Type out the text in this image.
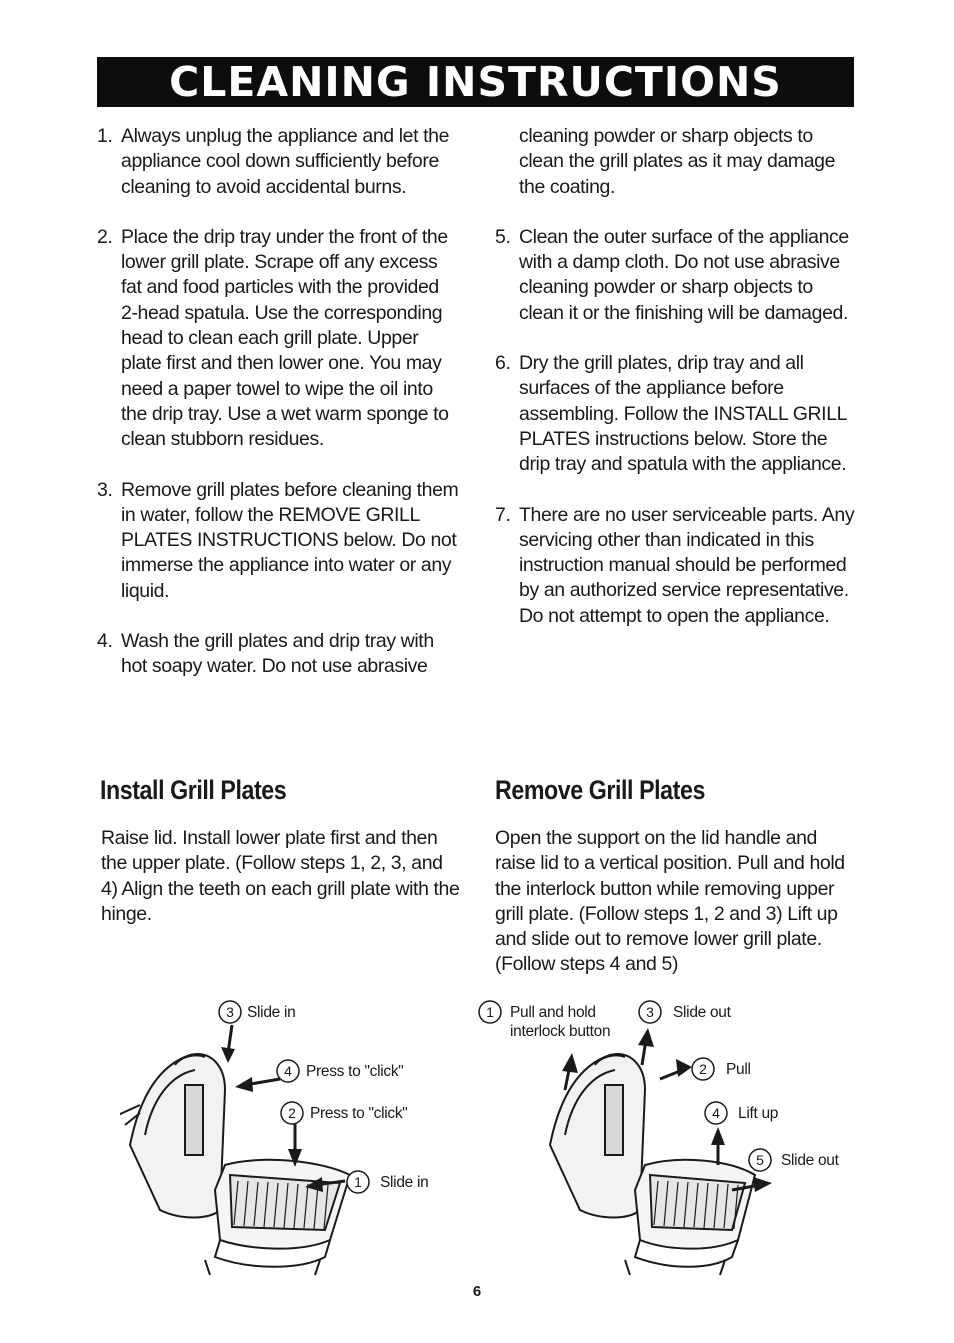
CLEANING INSTRUCTIONS
1. Always unplug the appliance and let the appliance cool down sufficiently before cleaning to avoid accidental burns.
2. Place the drip tray under the front of the lower grill plate. Scrape off any excess fat and food particles with the provided 2-head spatula. Use the corresponding head to clean each grill plate. Upper plate first and then lower one. You may need a paper towel to wipe the oil into the drip tray. Use a wet warm sponge to clean stubborn residues.
3. Remove grill plates before cleaning them in water, follow the REMOVE GRILL PLATES INSTRUCTIONS below. Do not immerse the appliance into water or any liquid.
4. Wash the grill plates and drip tray with hot soapy water. Do not use abrasive
cleaning powder or sharp objects to clean the grill plates as it may damage the coating.
5. Clean the outer surface of the appliance with a damp cloth. Do not use abrasive cleaning powder or sharp objects to clean it or the finishing will be damaged.
6. Dry the grill plates, drip tray and all surfaces of the appliance before assembling. Follow the INSTALL GRILL PLATES instructions below. Store the drip tray and spatula with the appliance.
7. There are no user serviceable parts. Any servicing other than indicated in this instruction manual should be performed by an authorized service representative. Do not attempt to open the appliance.
Install Grill Plates	Remove Grill Plates
Raise lid. Install lower plate first and then the upper plate. (Follow steps 1, 2, 3, and 4) Align the teeth on each grill plate with the hinge.
Open the support on the lid handle and raise lid to a vertical position. Pull and hold the interlock button while removing upper grill plate. (Follow steps 1, 2 and 3) Lift up and slide out to remove lower grill plate. (Follow steps 4 and 5)
3 Slide in
4 Press to "click"
2 Press to "click"
1 Slide in
1 Pull and hold
interlock button
3 Slide out
2 Pull
4 Lift up
5 Slide out
6
